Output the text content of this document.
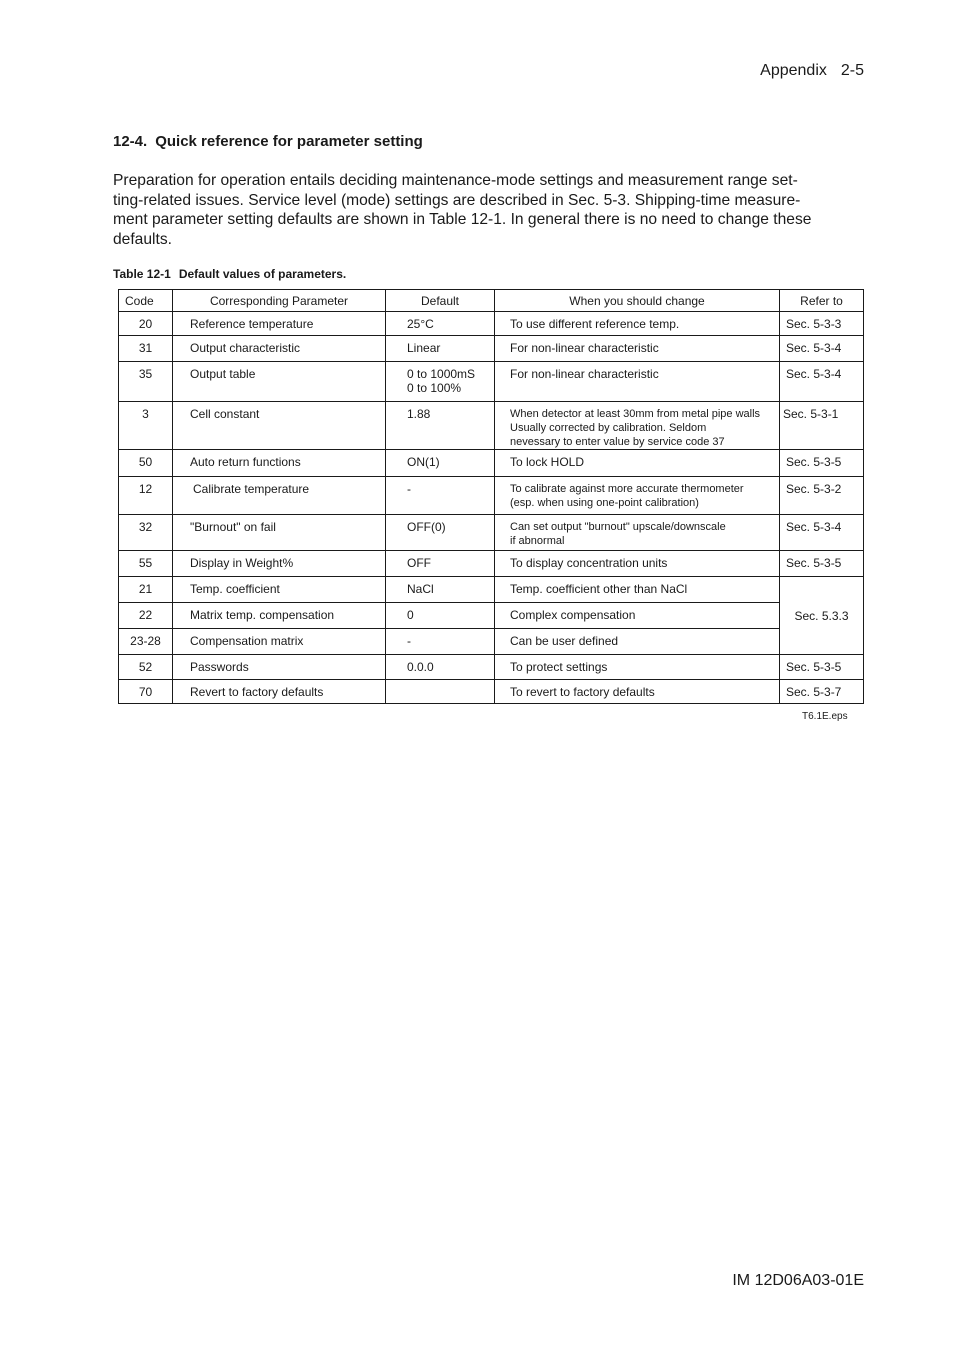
Appendix 2-5
12-4. Quick reference for parameter setting
Preparation for operation entails deciding maintenance-mode settings and measurement range set-
ting-related issues. Service level (mode) settings are described in Sec. 5-3. Shipping-time measure-
ment parameter setting defaults are shown in Table 12-1. In general there is no need to change these
defaults.
Table 12-1 Default values of parameters.
Code	Corresponding Parameter	Default	When you should change	Refer to
20	Reference temperature	25°C	To use different reference temp.	Sec. 5-3-3
31	Output characteristic	Linear	For non-linear characteristic	Sec. 5-3-4
35	Output table	0 to 1000mS
0 to 100%	For non-linear characteristic	Sec. 5-3-4
3	Cell constant	1.88	When detector at least 30mm from metal pipe walls
Usually corrected by calibration. Seldom
nevessary to enter value by service code 37	Sec. 5-3-1
50	Auto return functions	ON(1)	To lock HOLD	Sec. 5-3-5
12	Calibrate temperature	-	To calibrate against more accurate thermometer
(esp. when using one-point calibration)	Sec. 5-3-2
32	"Burnout" on fail	OFF(0)	Can set output "burnout" upscale/downscale
if abnormal	Sec. 5-3-4
55	Display in Weight%	OFF	To display concentration units	Sec. 5-3-5
21	Temp. coefficient	NaCl	Temp. coefficient other than NaCl	Sec. 5.3.3
22	Matrix temp. compensation	0	Complex compensation	
23-28	Compensation matrix	-	Can be user defined	
52	Passwords	0.0.0	To protect settings	Sec. 5-3-5
70	Revert to factory defaults		To revert to factory defaults	Sec. 5-3-7
T6.1E.eps
IM 12D06A03-01E
